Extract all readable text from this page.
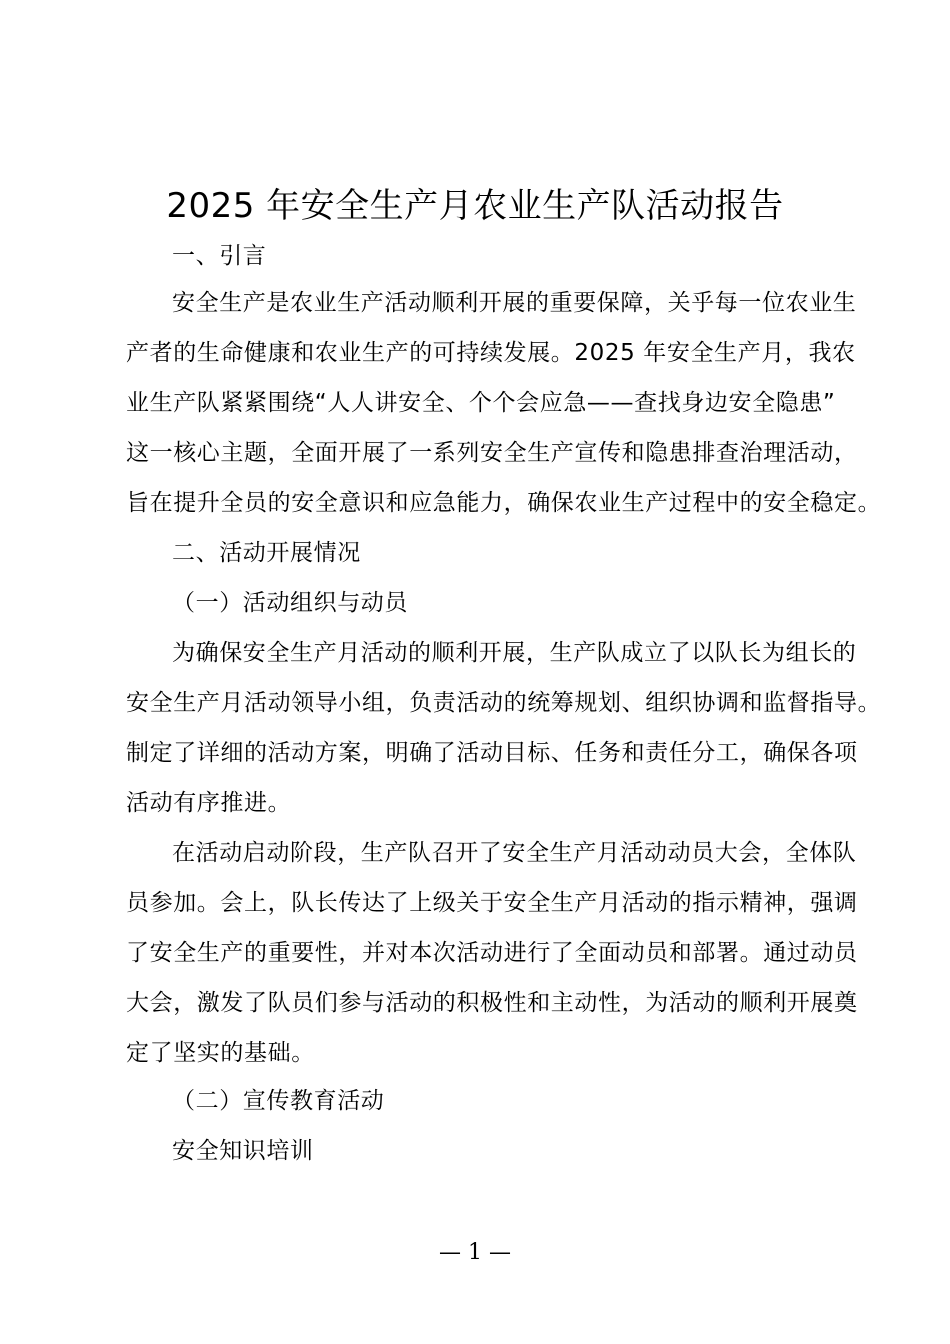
2025 年安全生产月农业生产队活动报告
一、引言
安全生产是农业生产活动顺利开展的重要保障，关乎每一位农业生
产者的生命健康和农业生产的可持续发展。2025 年安全生产月，我农
业生产队紧紧围绕“人人讲安全、个个会应急——查找身边安全隐患”
这一核心主题，全面开展了一系列安全生产宣传和隐患排查治理活动，
旨在提升全员的安全意识和应急能力，确保农业生产过程中的安全稳定。
二、活动开展情况
（一）活动组织与动员
为确保安全生产月活动的顺利开展，生产队成立了以队长为组长的
安全生产月活动领导小组，负责活动的统筹规划、组织协调和监督指导。
制定了详细的活动方案，明确了活动目标、任务和责任分工，确保各项
活动有序推进。
在活动启动阶段，生产队召开了安全生产月活动动员大会，全体队
员参加。会上，队长传达了上级关于安全生产月活动的指示精神，强调
了安全生产的重要性，并对本次活动进行了全面动员和部署。通过动员
大会，激发了队员们参与活动的积极性和主动性，为活动的顺利开展奠
定了坚实的基础。
（二）宣传教育活动
安全知识培训
— 1 —
